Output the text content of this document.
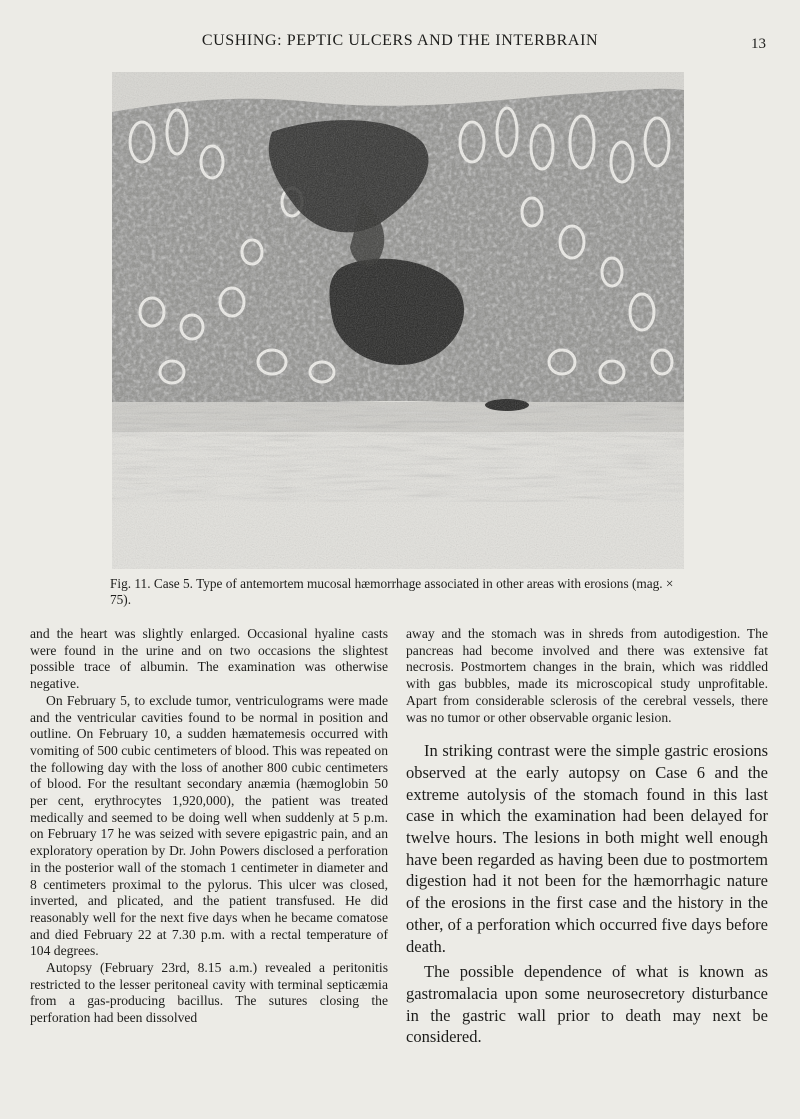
CUSHING: PEPTIC ULCERS AND THE INTERBRAIN	13
Fig. 11. Case 5. Type of antemortem mucosal hæmorrhage associated in other areas with erosions (mag. × 75).

and the heart was slightly enlarged. Occasional hyaline casts were found in the urine and on two occasions the slightest possible trace of albumin. The examination was otherwise negative.

On February 5, to exclude tumor, ventriculograms were made and the ventricular cavities found to be normal in position and outline. On February 10, a sudden hæmatemesis occurred with vomiting of 500 cubic centimeters of blood. This was repeated on the following day with the loss of another 800 cubic centimeters of blood. For the resultant secondary anæmia (hæmoglobin 50 per cent, erythrocytes 1,920,000), the patient was treated medically and seemed to be doing well when suddenly at 5 p.m. on February 17 he was seized with severe epigastric pain, and an exploratory operation by Dr. John Powers disclosed a perforation in the posterior wall of the stomach 1 centimeter in diameter and 8 centimeters proximal to the pylorus. This ulcer was closed, inverted, and plicated, and the patient transfused. He did reasonably well for the next five days when he became comatose and died February 22 at 7.30 p.m. with a rectal temperature of 104 degrees.

Autopsy (February 23rd, 8.15 a.m.) revealed a peritonitis restricted to the lesser peritoneal cavity with terminal septicæmia from a gas-producing bacillus. The sutures closing the perforation had been dissolved

away and the stomach was in shreds from autodigestion. The pancreas had become involved and there was extensive fat necrosis. Postmortem changes in the brain, which was riddled with gas bubbles, made its microscopical study unprofitable. Apart from considerable sclerosis of the cerebral vessels, there was no tumor or other observable organic lesion.

In striking contrast were the simple gastric erosions observed at the early autopsy on Case 6 and the extreme autolysis of the stomach found in this last case in which the examination had been delayed for twelve hours. The lesions in both might well enough have been regarded as having been due to postmortem digestion had it not been for the hæmorrhagic nature of the erosions in the first case and the history in the other, of a perforation which occurred five days before death.

The possible dependence of what is known as gastromalacia upon some neurosecretory disturbance in the gastric wall prior to death may next be considered.
